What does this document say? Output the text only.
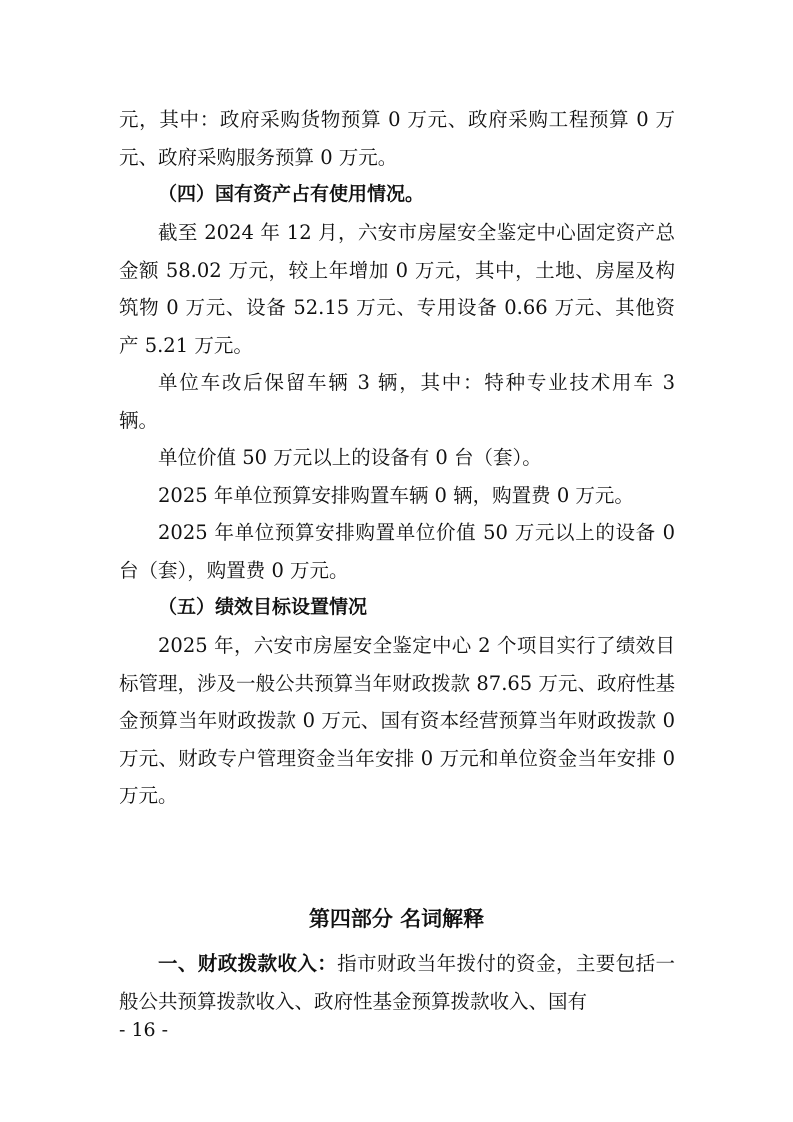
元，其中：政府采购货物预算 0 万元、政府采购工程预算 0 万元、政府采购服务预算 0 万元。

（四）国有资产占有使用情况。

截至 2024 年 12 月，六安市房屋安全鉴定中心固定资产总金额 58.02 万元，较上年增加 0 万元，其中，土地、房屋及构筑物 0 万元、设备 52.15 万元、专用设备 0.66 万元、其他资产 5.21 万元。

单位车改后保留车辆 3 辆，其中：特种专业技术用车 3 辆。

单位价值 50 万元以上的设备有 0 台（套）。

2025 年单位预算安排购置车辆 0 辆，购置费 0 万元。

2025 年单位预算安排购置单位价值 50 万元以上的设备 0 台（套），购置费 0 万元。

（五）绩效目标设置情况

2025 年，六安市房屋安全鉴定中心 2 个项目实行了绩效目标管理，涉及一般公共预算当年财政拨款 87.65 万元、政府性基金预算当年财政拨款 0 万元、国有资本经营预算当年财政拨款 0 万元、财政专户管理资金当年安排 0 万元和单位资金当年安排 0 万元。

第四部分 名词解释

一、财政拨款收入：指市财政当年拨付的资金，主要包括一般公共预算拨款收入、政府性基金预算拨款收入、国有

- 16 -
